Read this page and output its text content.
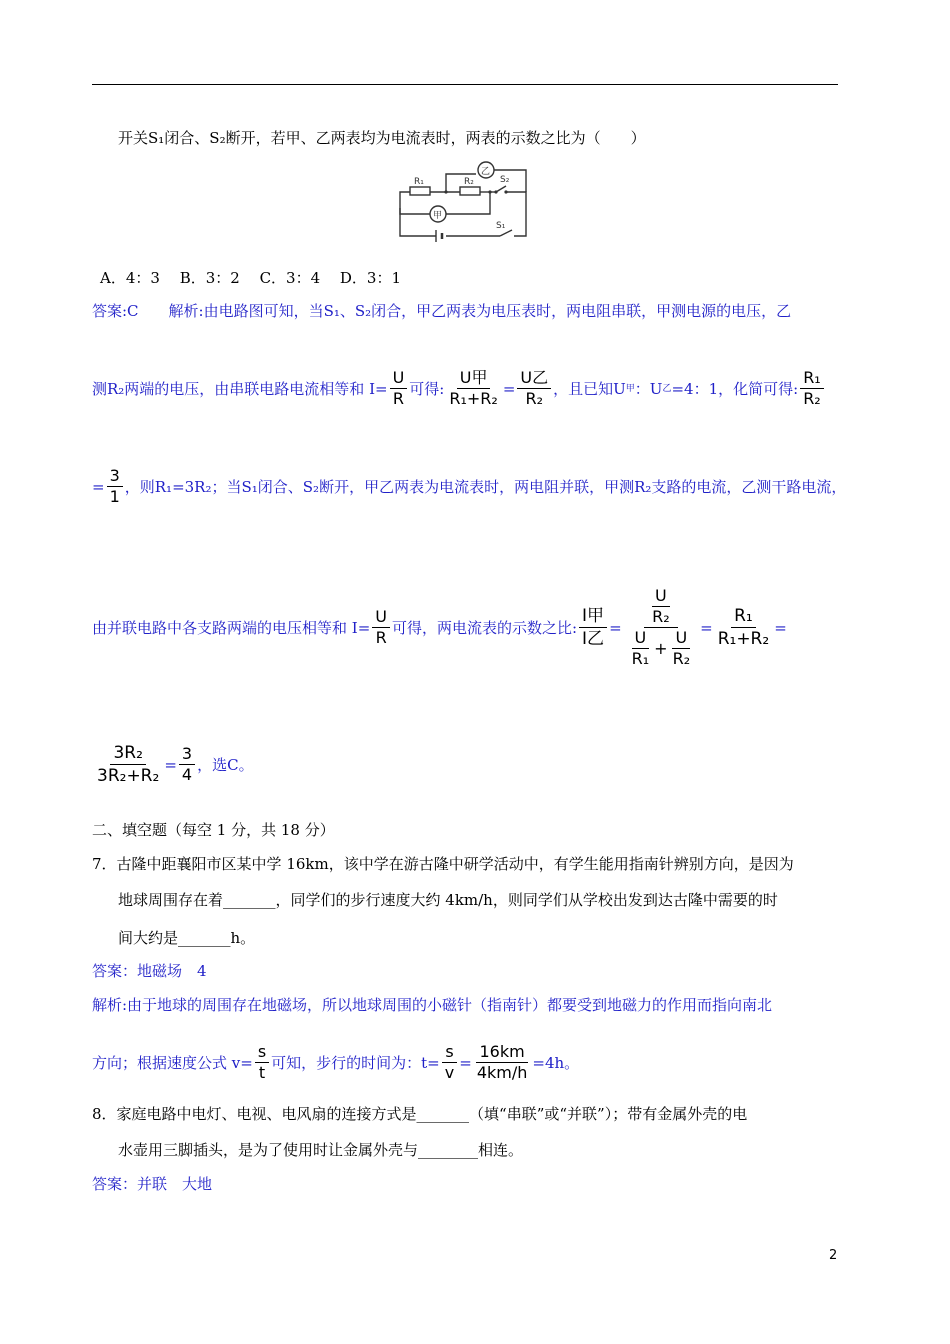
开关S₁闭合、S₂断开，若甲、乙两表均为电流表时，两表的示数之比为（　　）
R₁	R₂
乙
甲
S₂
S₁
A．4：3　 B．3：2　 C．3：4　 D．3：1
答案:C　　解析:由电路图可知，当S₁、S₂闭合，甲乙两表为电压表时，两电阻串联，甲测电源的电压，乙
测R₂两端的电压，由串联电路电流相等和 $I= \frac{U}{R}$ 可得: $\frac{\text{U甲}}{\text{R₁+R₂}} = \frac{\text{U乙}}{\text{R₂}}$ ，且已知U 甲 ：U 乙 =4：1，化简可得: $\frac{\text{R₁}}{\text{R₂}}$
= $\frac{3}{1}$ ，则R₁=3R₂；当S₁闭合、S₂断开，甲乙两表为电流表时，两电阻并联，甲测R₂支路的电流，乙测干路电流，
由并联电路中各支路两端的电压相等和 $I= \frac{U}{R}$ 可得，两电流表的示数之比: $\frac{\text{I甲}}{\text{I乙}} = \frac{\frac{U}{\text{R₂}}}{\frac{U}{\text{R₁}} + \frac{U}{\text{R₂}}} = \frac{\text{R₁}}{\text{R₁+R₂}}$ =
$\frac{\text{3R₂}}{\text{3R₂+R₂}} = \frac{3}{4}$ ，选C。
二、填空题（每空 1 分，共 18 分）
7．古隆中距襄阳市区某中学 16km，该中学在游古隆中研学活动中，有学生能用指南针辨别方向，是因为
地球周围存在着_______，同学们的步行速度大约 4km/h，则同学们从学校出发到达古隆中需要的时
间大约是_______h。
答案：地磁场　4
解析:由于地球的周围存在地磁场，所以地球周围的小磁针（指南针）都要受到地磁力的作用而指向南北
方向；根据速度公式 $v= \frac{s}{t}$ 可知，步行的时间为：$t= \frac{s}{v} = \frac{16km}{4km/h} =4h$。
8．家庭电路中电灯、电视、电风扇的连接方式是_______（填“串联”或“并联”）；带有金属外壳的电
水壶用三脚插头，是为了使用时让金属外壳与________相连。
答案：并联　大地
2
